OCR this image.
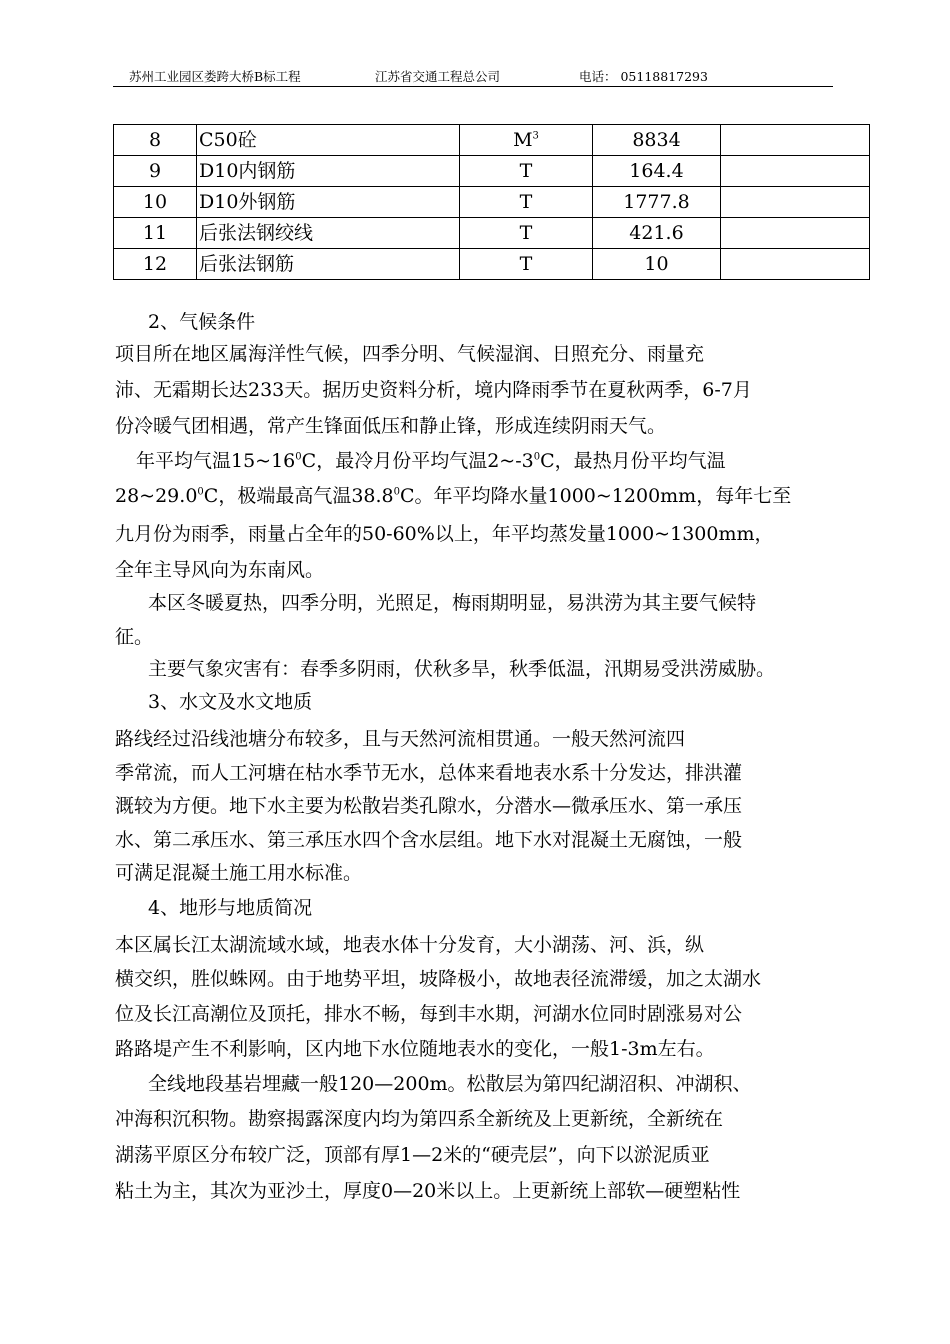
苏州工业园区娄跨大桥B标工程	江苏省交通工程总公司	电话： 05118817293
8	C50砼	$M^3$	8834	
9	D10内钢筋	T	164.4	
10	D10外钢筋	T	1777.8	
11	后张法钢绞线	T	421.6	
12	后张法钢筋	T	10	

2、气候条件

项目所在地区属海洋性气候，四季分明、气候湿润、日照充分、雨量充

沛、无霜期长达233天。据历史资料分析，境内降雨季节在夏秋两季，6-7月

份冷暖气团相遇，常产生锋面低压和静止锋，形成连续阴雨天气。

年平均气温$15\sim 16^0C$，最冷月份平均气温$2\sim-3^0C$，最热月份平均气温

28~29.0$^0$C，极端最高气温38.8$^0$C。年平均降水量1000~1200mm，每年七至

九月份为雨季，雨量占全年的50-60%以上，年平均蒸发量1000~1300mm，

全年主导风向为东南风。

本区冬暖夏热，四季分明，光照足，梅雨期明显，易洪涝为其主要气候特

征。

主要气象灾害有：春季多阴雨，伏秋多旱，秋季低温，汛期易受洪涝威胁。

3、水文及水文地质

路线经过沿线池塘分布较多，且与天然河流相贯通。一般天然河流四

季常流，而人工河塘在枯水季节无水，总体来看地表水系十分发达，排洪灌

溉较为方便。地下水主要为松散岩类孔隙水，分潜水—微承压水、第一承压

水、第二承压水、第三承压水四个含水层组。地下水对混凝土无腐蚀，一般

可满足混凝土施工用水标准。

4、地形与地质简况

本区属长江太湖流域水域，地表水体十分发育，大小湖荡、河、浜，纵

横交织，胜似蛛网。由于地势平坦，坡降极小，故地表径流滞缓，加之太湖水

位及长江高潮位及顶托，排水不畅，每到丰水期，河湖水位同时剧涨易对公

路路堤产生不利影响，区内地下水位随地表水的变化，一般1-3m左右。

全线地段基岩埋藏一般120—200m。松散层为第四纪湖沼积、冲湖积、

冲海积沉积物。勘察揭露深度内均为第四系全新统及上更新统，全新统在

湖荡平原区分布较广泛，顶部有厚1—2米的“硬壳层”，向下以淤泥质亚

粘土为主，其次为亚沙土，厚度0—20米以上。上更新统上部软—硬塑粘性
